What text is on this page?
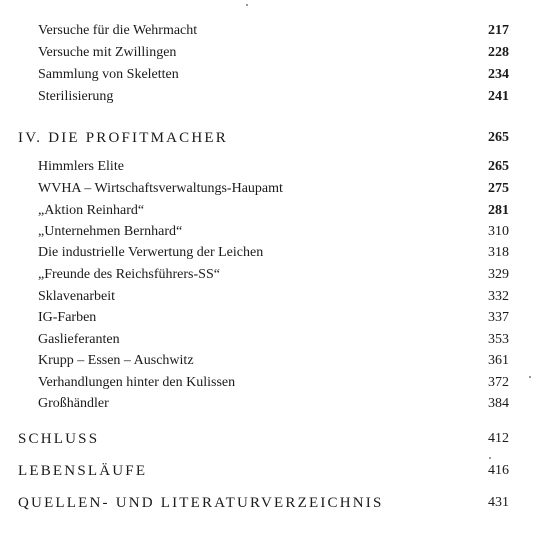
Versuche für die Wehrmacht	217
Versuche mit Zwillingen	228
Sammlung von Skeletten	234
Sterilisierung	241
IV. DIE PROFITMACHER	265
Himmlers Elite	265
WVHA – Wirtschaftsverwaltungs-Haupamt	275
„Aktion Reinhard“	281
„Unternehmen Bernhard“	310
Die industrielle Verwertung der Leichen	318
„Freunde des Reichsführers-SS“	329
Sklavenarbeit	332
IG-Farben	337
Gaslieferanten	353
Krupp – Essen – Auschwitz	361
Verhandlungen hinter den Kulissen	372
Großhändler	384
SCHLUSS	412
LEBENSLÄUFE	416
QUELLEN- UND LITERATURVERZEICHNIS	431
